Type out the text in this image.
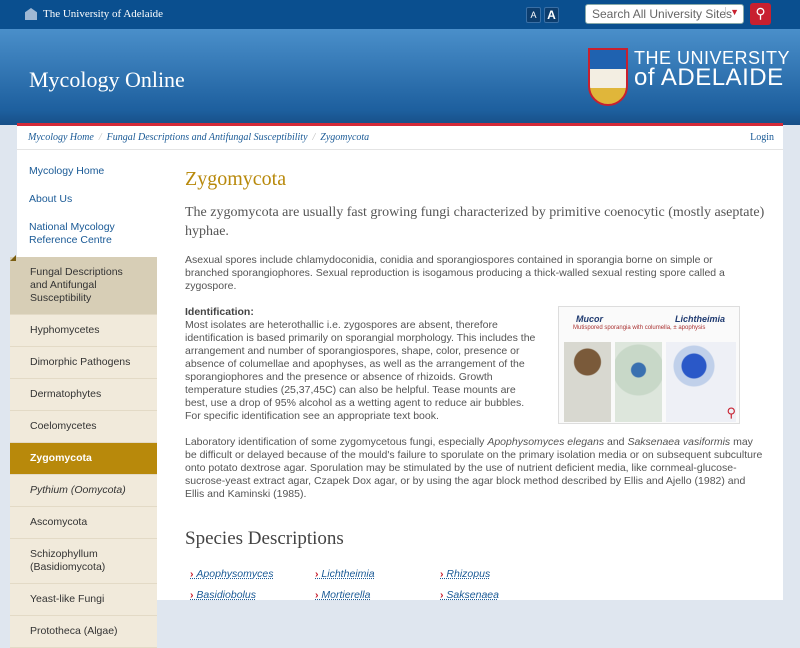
The University of Adelaide	A A	Search All University Sites
▼	⚲
Mycology Online
THE UNIVERSITY
of ADELAIDE
Mycology Home / Fungal Descriptions and Antifungal Susceptibility / Zygomycota	Login
Mycology Home
About Us
National Mycology Reference Centre
Fungal Descriptions and Antifungal Susceptibility
Hyphomycetes
Dimorphic Pathogens
Dermatophytes
Coelomycetes
Zygomycota
Pythium (Oomycota)
Ascomycota
Schizophyllum (Basidiomycota)
Yeast-like Fungi
Prototheca (Algae)
Zygomycota
The zygomycota are usually fast growing fungi characterized by primitive coenocytic (mostly aseptate) hyphae.
Asexual spores include chlamydoconidia, conidia and sporangiospores contained in sporangia borne on simple or branched sporangiophores. Sexual reproduction is isogamous producing a thick-walled sexual resting spore called a zygospore.
Identification:
Most isolates are heterothallic i.e. zygospores are absent, therefore identification is based primarily on sporangial morphology. This includes the arrangement and number of sporangiospores, shape, color, presence or absence of columellae and apophyses, as well as the arrangement of the sporangiophores and the presence or absence of rhizoids. Growth temperature studies (25,37,45C) can also be helpful. Tease mounts are best, use a drop of 95% alcohol as a wetting agent to reduce air bubbles. For specific identification see an appropriate text book.
Mucor	Lichtheimia
Mutispored sporangia with columella, ± apophysis
⚲
Laboratory identification of some zygomycetous fungi, especially Apophysomyces elegans and Saksenaea vasiformis may be difficult or delayed because of the mould's failure to sporulate on the primary isolation media or on subsequent subculture onto potato dextrose agar. Sporulation may be stimulated by the use of nutrient deficient media, like cornmeal-glucose-sucrose-yeast extract agar, Czapek Dox agar, or by using the agar block method described by Ellis and Ajello (1982) and Ellis and Kaminski (1985).
Species Descriptions
› Apophysomyces	› Lichtheimia	› Rhizopus
› Basidiobolus	› Mortierella	› Saksenaea
